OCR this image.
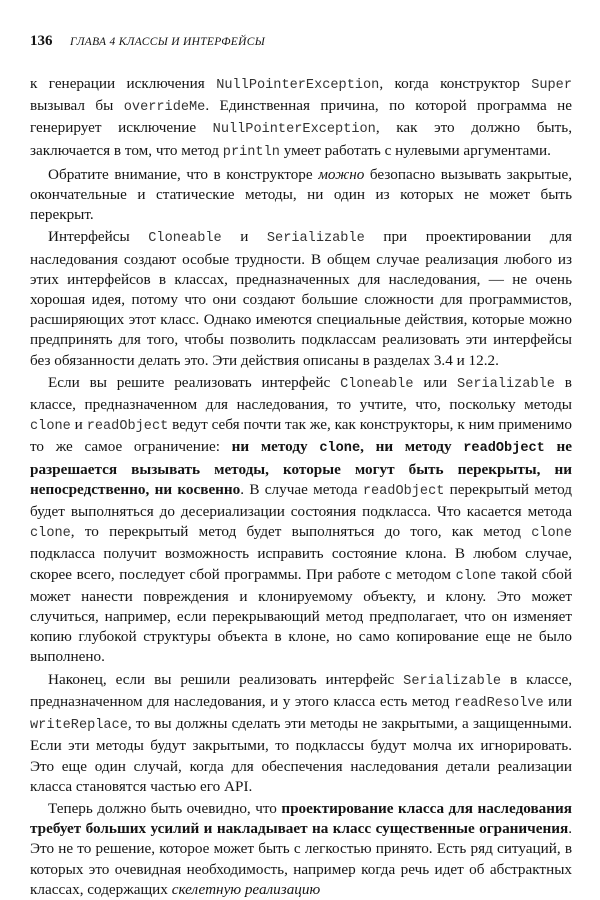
136 ГЛАВА 4 КЛАССЫ И ИНТЕРФЕЙСЫ

к генерации исключения NullPointerException, когда конструктор Super вызывал бы overrideMe. Единственная причина, по которой программа не генерирует исключение NullPointerException, как это должно быть, заключается в том, что метод println умеет работать с нулевыми аргументами.

Обратите внимание, что в конструкторе можно безопасно вызывать закрытые, окончательные и статические методы, ни один из которых не может быть перекрыт.

Интерфейсы Cloneable и Serializable при проектировании для наследования создают особые трудности. В общем случае реализация любого из этих интерфейсов в классах, предназначенных для наследования, — не очень хорошая идея, потому что они создают большие сложности для программистов, расширяющих этот класс. Однако имеются специальные действия, которые можно предпринять для того, чтобы позволить подклассам реализовать эти интерфейсы без обязанности делать это. Эти действия описаны в разделах 3.4 и 12.2.

Если вы решите реализовать интерфейс Cloneable или Serializable в классе, предназначенном для наследования, то учтите, что, поскольку методы clone и readObject ведут себя почти так же, как конструкторы, к ним применимо то же самое ограничение: ни методу clone, ни методу readObject не разрешается вызывать методы, которые могут быть перекрыты, ни непосредственно, ни косвенно. В случае метода readObject перекрытый метод будет выполняться до десериализации состояния подкласса. Что касается метода clone, то перекрытый метод будет выполняться до того, как метод clone подкласса получит возможность исправить состояние клона. В любом случае, скорее всего, последует сбой программы. При работе с методом clone такой сбой может нанести повреждения и клонируемому объекту, и клону. Это может случиться, например, если перекрывающий метод предполагает, что он изменяет копию глубокой структуры объекта в клоне, но само копирование еще не было выполнено.

Наконец, если вы решили реализовать интерфейс Serializable в классе, предназначенном для наследования, и у этого класса есть метод readResolve или writeReplace, то вы должны сделать эти методы не закрытыми, а защищенными. Если эти методы будут закрытыми, то подклассы будут молча их игнорировать. Это еще один случай, когда для обеспечения наследования детали реализации класса становятся частью его API.

Теперь должно быть очевидно, что проектирование класса для наследования требует больших усилий и накладывает на класс существенные ограничения. Это не то решение, которое может быть с легкостью принято. Есть ряд ситуаций, в которых это очевидная необходимость, например когда речь идет об абстрактных классах, содержащих скелетную реализацию
